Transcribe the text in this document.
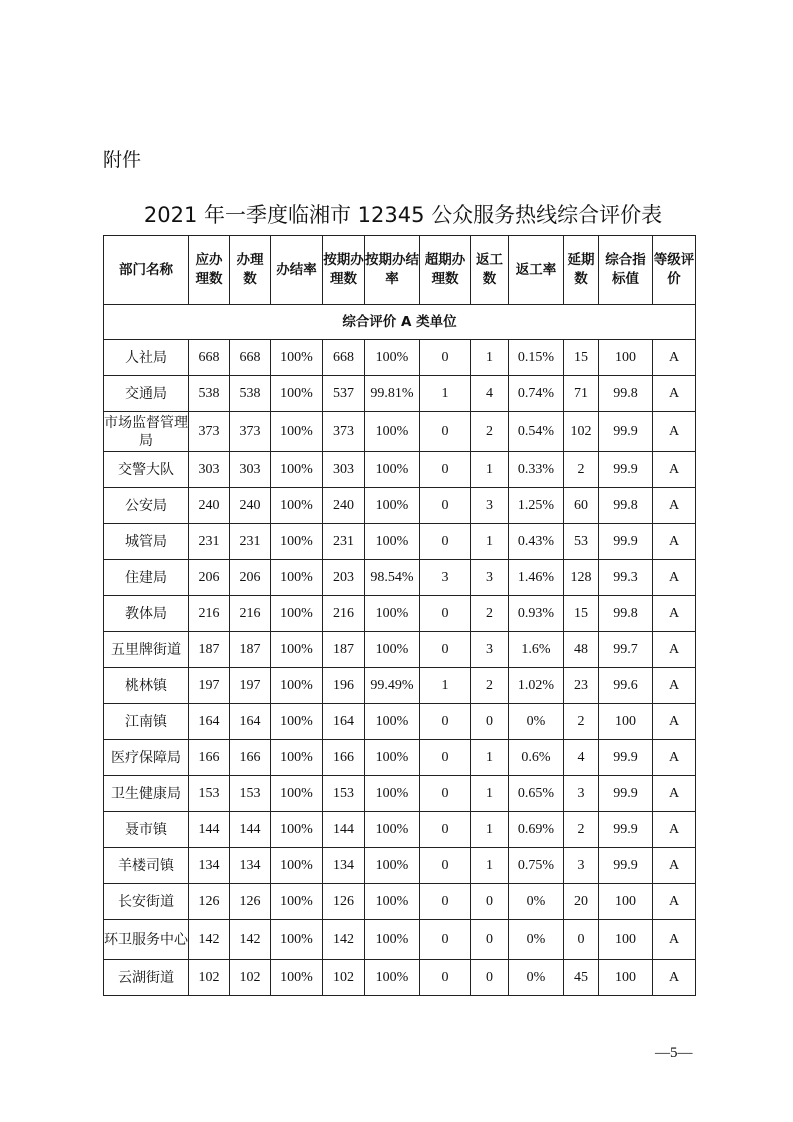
附件
2021 年一季度临湘市 12345 公众服务热线综合评价表
部门名称	应办理数	办理数	办结率	按期办理数	按期办结率	超期办理数	返工数	返工率	延期数	综合指标值	等级评价
综合评价 A 类单位											
人社局	668	668	100%	668	100%	0	1	0.15%	15	100	A
交通局	538	538	100%	537	99.81%	1	4	0.74%	71	99.8	A
市场监督管理局	373	373	100%	373	100%	0	2	0.54%	102	99.9	A
交警大队	303	303	100%	303	100%	0	1	0.33%	2	99.9	A
公安局	240	240	100%	240	100%	0	3	1.25%	60	99.8	A
城管局	231	231	100%	231	100%	0	1	0.43%	53	99.9	A
住建局	206	206	100%	203	98.54%	3	3	1.46%	128	99.3	A
教体局	216	216	100%	216	100%	0	2	0.93%	15	99.8	A
五里牌街道	187	187	100%	187	100%	0	3	1.6%	48	99.7	A
桃林镇	197	197	100%	196	99.49%	1	2	1.02%	23	99.6	A
江南镇	164	164	100%	164	100%	0	0	0%	2	100	A
医疗保障局	166	166	100%	166	100%	0	1	0.6%	4	99.9	A
卫生健康局	153	153	100%	153	100%	0	1	0.65%	3	99.9	A
聂市镇	144	144	100%	144	100%	0	1	0.69%	2	99.9	A
羊楼司镇	134	134	100%	134	100%	0	1	0.75%	3	99.9	A
长安街道	126	126	100%	126	100%	0	0	0%	20	100	A
环卫服务中心	142	142	100%	142	100%	0	0	0%	0	100	A
云湖街道	102	102	100%	102	100%	0	0	0%	45	100	A
—5—
